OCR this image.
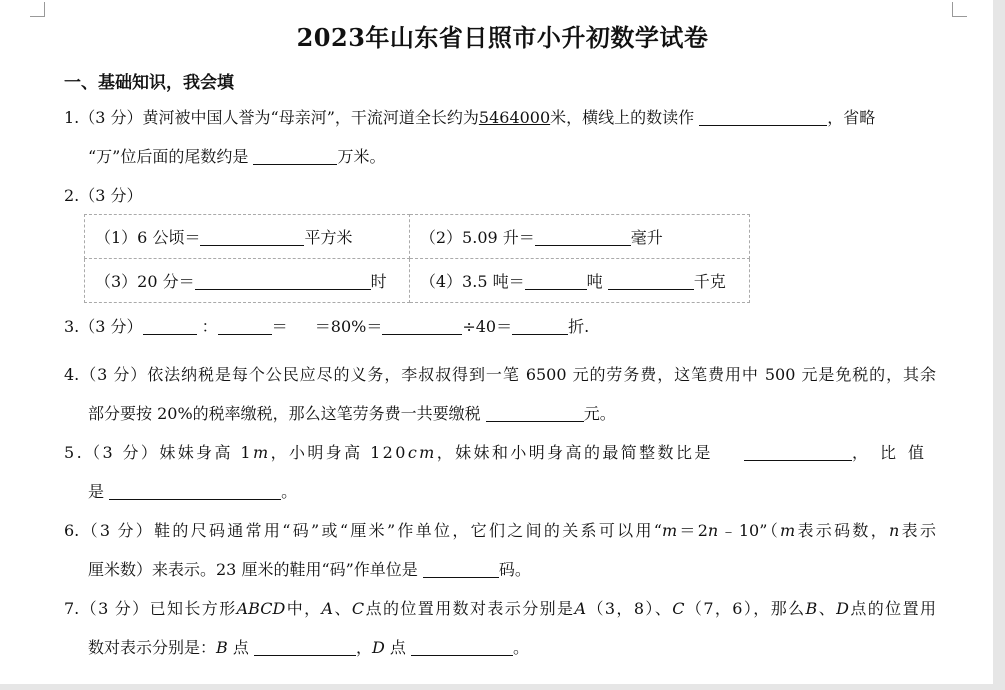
2023年山东省日照市小升初数学试卷
一、基础知识，我会填
1.（3 分）黄河被中国人誉为“母亲河”，干流河道全长约为5464000米，横线上的数读作	，省略
“万”位后面的尾数约是	万米。
2.（3 分）
（1）6 公顷＝ 平方米	（2）5.09 升＝ 毫升
（3）20 分＝ 时	（4）3.5 吨＝ 吨 千克
3.（3 分）	：	＝ ＝80%＝	÷40＝	折.
4.（3 分）依法纳税是每个公民应尽的义务，李叔叔得到一笔 6500 元的劳务费，这笔费用中 500 元是免税的，其余
部分要按 20%的税率缴税，那么这笔劳务费一共要缴税	元。
5.（3 分）妹妹身高 1m，小明身高 120cm，妹妹和小明身高的最简整数比是	，比值
是	。
6.（3 分）鞋的尺码通常用“码”或“厘米”作单位，它们之间的关系可以用“m＝2n﹣10”（m表示码数，n表示
厘米数）来表示。23 厘米的鞋用“码”作单位是	码。
7.（3 分）已知长方形ABCD中，A、C点的位置用数对表示分别是A（3，8）、C（7，6），那么B、D点的位置用
数对表示分别是：B 点	，D 点	。
